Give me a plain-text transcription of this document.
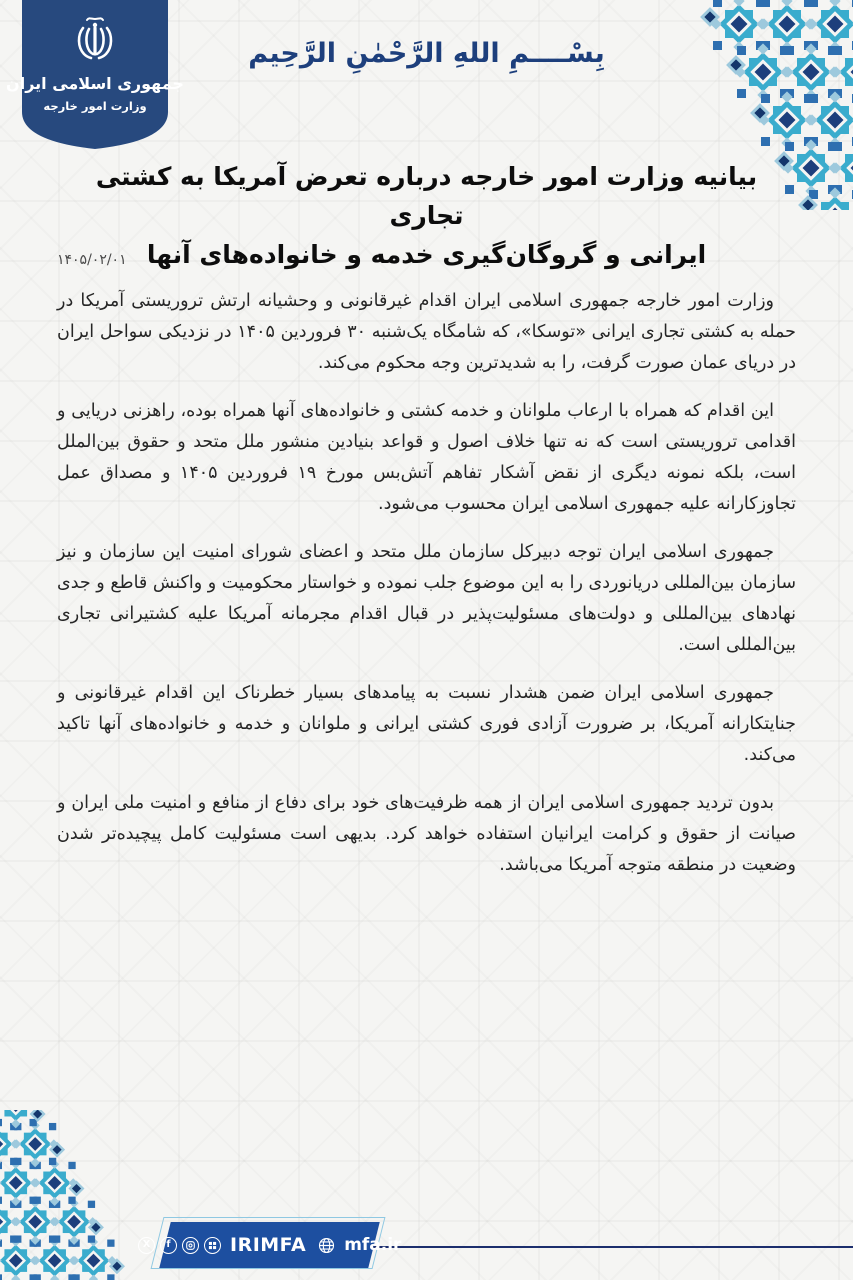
جمهوری اسلامی ایران
وزارت امور خارجه
بِسْــــمِ اللهِ الرَّحْمٰنِ الرَّحِيم
بیانیه وزارت امور خارجه درباره تعرض آمریکا به کشتی تجاری
ایرانی و گروگان‌گیری خدمه و خانواده‌های آنها
۱۴۰۵/۰۲/۰۱

وزارت امور خارجه جمهوری اسلامی ایران اقدام غیرقانونی و وحشیانه ارتش تروریستی آمریکا در حمله به کشتی تجاری ایرانی «توسکا»، که شامگاه یک‌شنبه ۳۰ فروردین ۱۴۰۵ در نزدیکی سواحل ایران در دریای عمان صورت گرفت، را به شدیدترین وجه محکوم می‌کند.

این اقدام که همراه با ارعاب ملوانان و خدمه کشتی و خانواده‌های آنها همراه بوده، راهزنی دریایی و اقدامی تروریستی است که نه تنها خلاف اصول و قواعد بنیادین منشور ملل متحد و حقوق بین‌الملل است، بلکه نمونه دیگری از نقض آشکار تفاهم آتش‌بس مورخ ۱۹ فروردین ۱۴۰۵ و مصداق عمل تجاوزکارانه علیه جمهوری اسلامی ایران محسوب می‌شود.

جمهوری اسلامی ایران توجه دبیرکل سازمان ملل متحد و اعضای شورای امنیت این سازمان و نیز سازمان بین‌المللی دریانوردی را به این موضوع جلب نموده و خواستار محکومیت و واکنش قاطع و جدی نهادهای بین‌المللی و دولت‌های مسئولیت‌پذیر در قبال اقدام مجرمانه آمریکا علیه کشتیرانی تجاری بین‌المللی است.

جمهوری اسلامی ایران ضمن هشدار نسبت به پیامدهای بسیار خطرناک این اقدام غیرقانونی و جنایتکارانه آمریکا، بر ضرورت آزادی فوری کشتی ایرانی و ملوانان و خدمه و خانواده‌های آنها تاکید می‌کند.

بدون تردید جمهوری اسلامی ایران از همه ظرفیت‌های خود برای دفاع از منافع و امنیت ملی ایران و صیانت از حقوق و کرامت ایرانیان استفاده خواهد کرد. بدیهی است مسئولیت کامل پیچیده‌تر شدن وضعیت در منطقه متوجه آمریکا می‌باشد.

X f	IRIMFA mfa.ir
